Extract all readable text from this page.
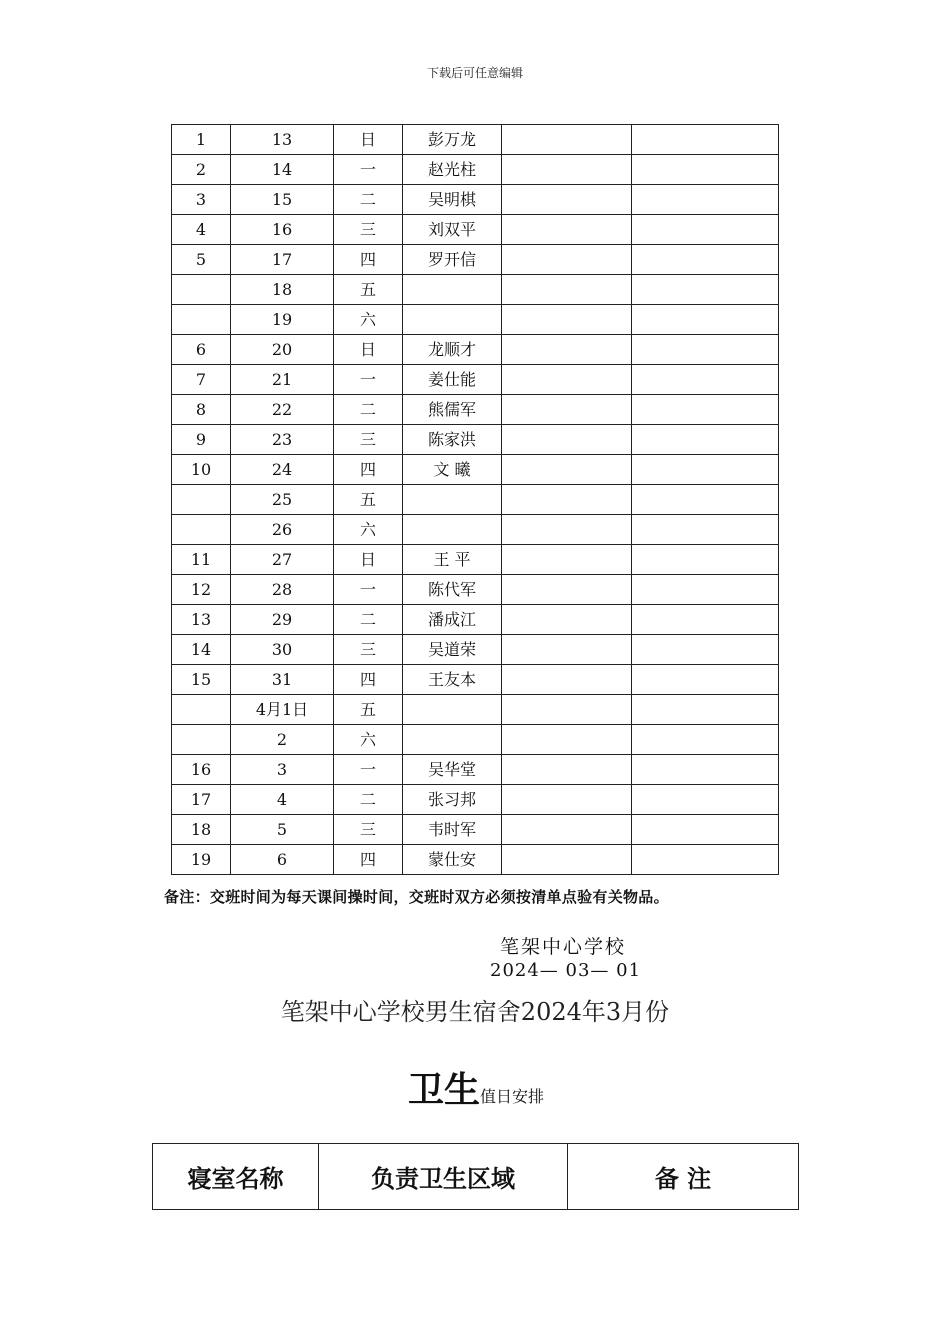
下载后可任意编辑
1	13	日	彭万龙		
2	14	一	赵光柱		
3	15	二	吴明棋		
4	16	三	刘双平		
5	17	四	罗开信		
	18	五			
	19	六			
6	20	日	龙顺才		
7	21	一	姜仕能		
8	22	二	熊儒军		
9	23	三	陈家洪		
10	24	四	文 曦		
	25	五			
	26	六			
11	27	日	王 平		
12	28	一	陈代军		
13	29	二	潘成江		
14	30	三	吴道荣		
15	31	四	王友本		
	4月1日	五			
	2	六			
16	3	一	吴华堂		
17	4	二	张习邦		
18	5	三	韦时军		
19	6	四	蒙仕安		
备注：交班时间为每天课间操时间，交班时双方必须按清单点验有关物品。
笔架中心学校
2024— 03— 01
笔架中心学校男生宿舍2024年3月份
卫生值日安排
寝室名称	负责卫生区域	备 注
